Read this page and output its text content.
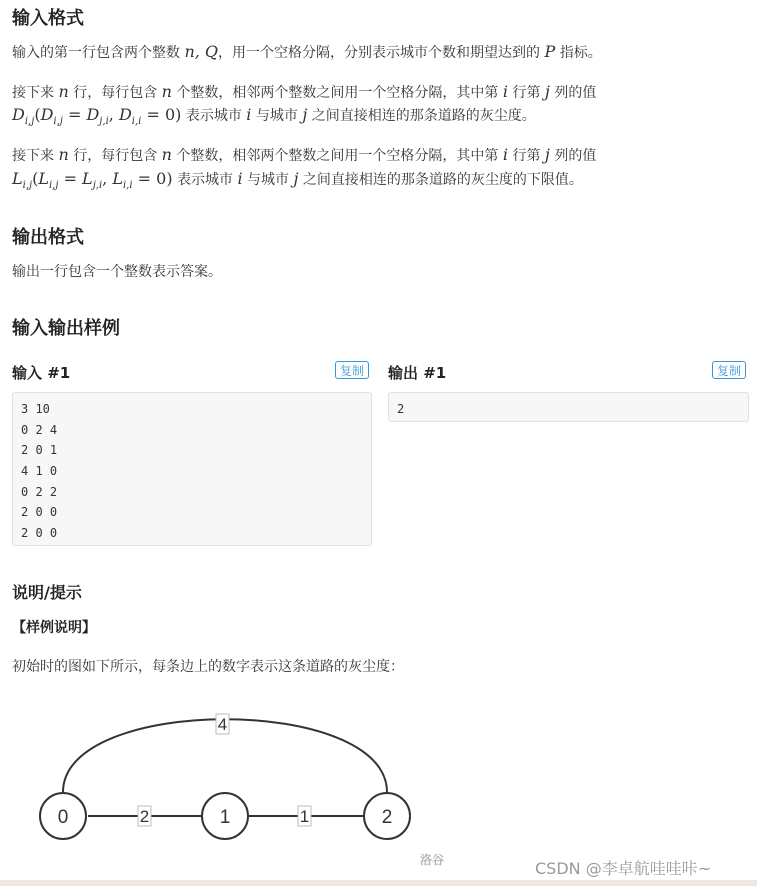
输入格式
输入的第一行包含两个整数 n, Q，用一个空格分隔，分别表示城市个数和期望达到的 P 指标。
接下来 n 行，每行包含 n 个整数，相邻两个整数之间用一个空格分隔，其中第 i 行第 j 列的值
$D_{i,j}(D_{i,j} = D_{j,i}$, $D_{i,i} = 0$) 表示城市 i 与城市 j 之间直接相连的那条道路的灰尘度。
接下来 n 行，每行包含 n 个整数，相邻两个整数之间用一个空格分隔，其中第 i 行第 j 列的值
$L_{i,j}(L_{i,j} = L_{j,i}$, $L_{i,i} = 0$) 表示城市 i 与城市 j 之间直接相连的那条道路的灰尘度的下限值。
输出格式
输出一行包含一个整数表示答案。
输入输出样例
输入 #1	复制	输出 #1	复制
3 10
0 2 4
2 0 1
4 1 0
0 2 2
2 0 0
2 0 0
2
说明/提示
【样例说明】
初始时的图如下所示，每条边上的数字表示这条道路的灰尘度：
4
2	1
0	1	2
洛谷	CSDN @李卓航哇哇咔~
